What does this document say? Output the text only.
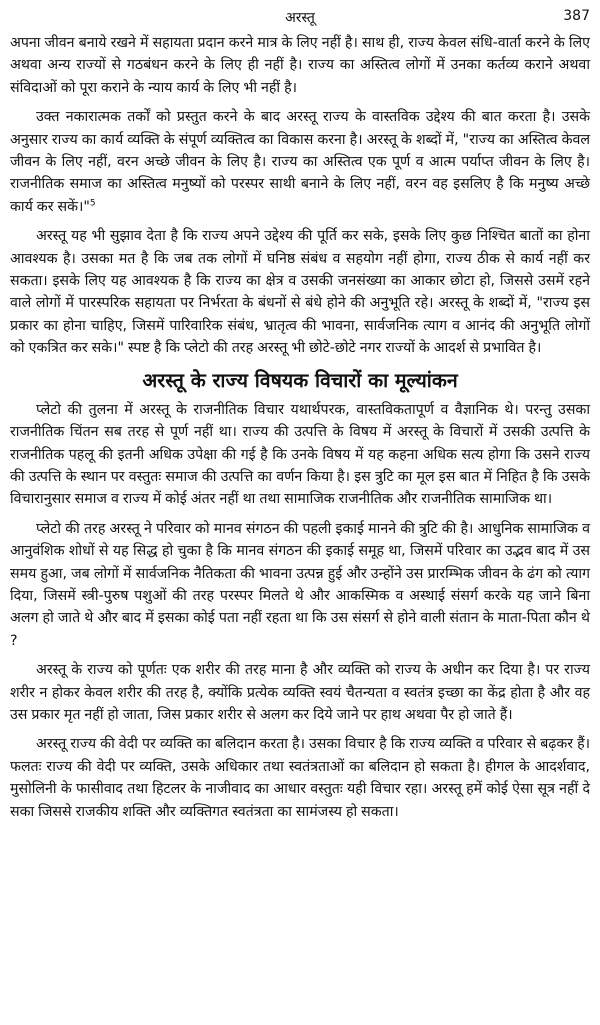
अरस्तू	387

अपना जीवन बनाये रखने में सहायता प्रदान करने मात्र के लिए नहीं है। साथ ही, राज्य केवल संधि-वार्ता करने के लिए अथवा अन्य राज्यों से गठबंधन करने के लिए ही नहीं है। राज्य का अस्तित्व लोगों में उनका कर्तव्य कराने अथवा संविदाओं को पूरा कराने के न्याय कार्य के लिए भी नहीं है।

उक्त नकारात्मक तर्कों को प्रस्तुत करने के बाद अरस्तू राज्य के वास्तविक उद्देश्य की बात करता है। उसके अनुसार राज्य का कार्य व्यक्ति के संपूर्ण व्यक्तित्व का विकास करना है। अरस्तू के शब्दों में, "राज्य का अस्तित्व केवल जीवन के लिए नहीं, वरन अच्छे जीवन के लिए है। राज्य का अस्तित्व एक पूर्ण व आत्म पर्याप्त जीवन के लिए है। राजनीतिक समाज का अस्तित्व मनुष्यों को परस्पर साथी बनाने के लिए नहीं, वरन वह इसलिए है कि मनुष्य अच्छे कार्य कर सकें।"$^5$

अरस्तू यह भी सुझाव देता है कि राज्य अपने उद्देश्य की पूर्ति कर सके, इसके लिए कुछ निश्चित बातों का होना आवश्यक है। उसका मत है कि जब तक लोगों में घनिष्ठ संबंध व सहयोग नहीं होगा, राज्य ठीक से कार्य नहीं कर सकता। इसके लिए यह आवश्यक है कि राज्य का क्षेत्र व उसकी जनसंख्या का आकार छोटा हो, जिससे उसमें रहने वाले लोगों में पारस्परिक सहायता पर निर्भरता के बंधनों से बंधे होने की अनुभूति रहे। अरस्तू के शब्दों में, "राज्य इस प्रकार का होना चाहिए, जिसमें पारिवारिक संबंध, भ्रातृत्व की भावना, सार्वजनिक त्याग व आनंद की अनुभूति लोगों को एकत्रित कर सके।" स्पष्ट है कि प्लेटो की तरह अरस्तू भी छोटे-छोटे नगर राज्यों के आदर्श से प्रभावित है।

अरस्तू के राज्य विषयक विचारों का मूल्यांकन

प्लेटो की तुलना में अरस्तू के राजनीतिक विचार यथार्थपरक, वास्तविकतापूर्ण व वैज्ञानिक थे। परन्तु उसका राजनीतिक चिंतन सब तरह से पूर्ण नहीं था। राज्य की उत्पत्ति के विषय में अरस्तू के विचारों में उसकी उत्पत्ति के राजनीतिक पहलू की इतनी अधिक उपेक्षा की गई है कि उनके विषय में यह कहना अधिक सत्य होगा कि उसने राज्य की उत्पत्ति के स्थान पर वस्तुतः समाज की उत्पत्ति का वर्णन किया है। इस त्रुटि का मूल इस बात में निहित है कि उसके विचारानुसार समाज व राज्य में कोई अंतर नहीं था तथा सामाजिक राजनीतिक और राजनीतिक सामाजिक था।

प्लेटो की तरह अरस्तू ने परिवार को मानव संगठन की पहली इकाई मानने की त्रुटि की है। आधुनिक सामाजिक व आनुवंशिक शोधों से यह सिद्ध हो चुका है कि मानव संगठन की इकाई समूह था, जिसमें परिवार का उद्भव बाद में उस समय हुआ, जब लोगों में सार्वजनिक नैतिकता की भावना उत्पन्न हुई और उन्होंने उस प्रारम्भिक जीवन के ढंग को त्याग दिया, जिसमें स्त्री-पुरुष पशुओं की तरह परस्पर मिलते थे और आकस्मिक व अस्थाई संसर्ग करके यह जाने बिना अलग हो जाते थे और बाद में इसका कोई पता नहीं रहता था कि उस संसर्ग से होने वाली संतान के माता-पिता कौन थे ?

अरस्तू के राज्य को पूर्णतः एक शरीर की तरह माना है और व्यक्ति को राज्य के अधीन कर दिया है। पर राज्य शरीर न होकर केवल शरीर की तरह है, क्योंकि प्रत्येक व्यक्ति स्वयं चैतन्यता व स्वतंत्र इच्छा का केंद्र होता है और वह उस प्रकार मृत नहीं हो जाता, जिस प्रकार शरीर से अलग कर दिये जाने पर हाथ अथवा पैर हो जाते हैं।

अरस्तू राज्य की वेदी पर व्यक्ति का बलिदान करता है। उसका विचार है कि राज्य व्यक्ति व परिवार से बढ़कर हैं। फलतः राज्य की वेदी पर व्यक्ति, उसके अधिकार तथा स्वतंत्रताओं का बलिदान हो सकता है। हीगल के आदर्शवाद, मुसोलिनी के फासीवाद तथा हिटलर के नाजीवाद का आधार वस्तुतः यही विचार रहा। अरस्तू हमें कोई ऐसा सूत्र नहीं दे सका जिससे राजकीय शक्ति और व्यक्तिगत स्वतंत्रता का सामंजस्य हो सकता।
